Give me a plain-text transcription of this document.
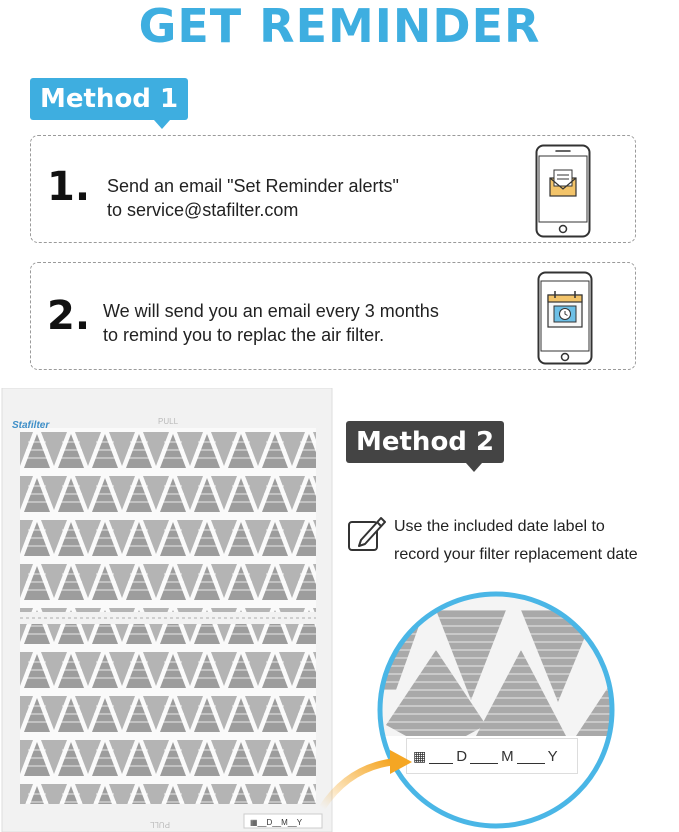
GET REMINDER
Method 1
1. Send an email "Set Reminder alerts"
to service@stafilter.com
2. We will send you an email every 3 months
to remind you to replac the air filter.
Stafilter	PULL
▦__D__M__Y
PULL
Method 2
Use the included date label to
record your filter replacement date
▦ D M Y
